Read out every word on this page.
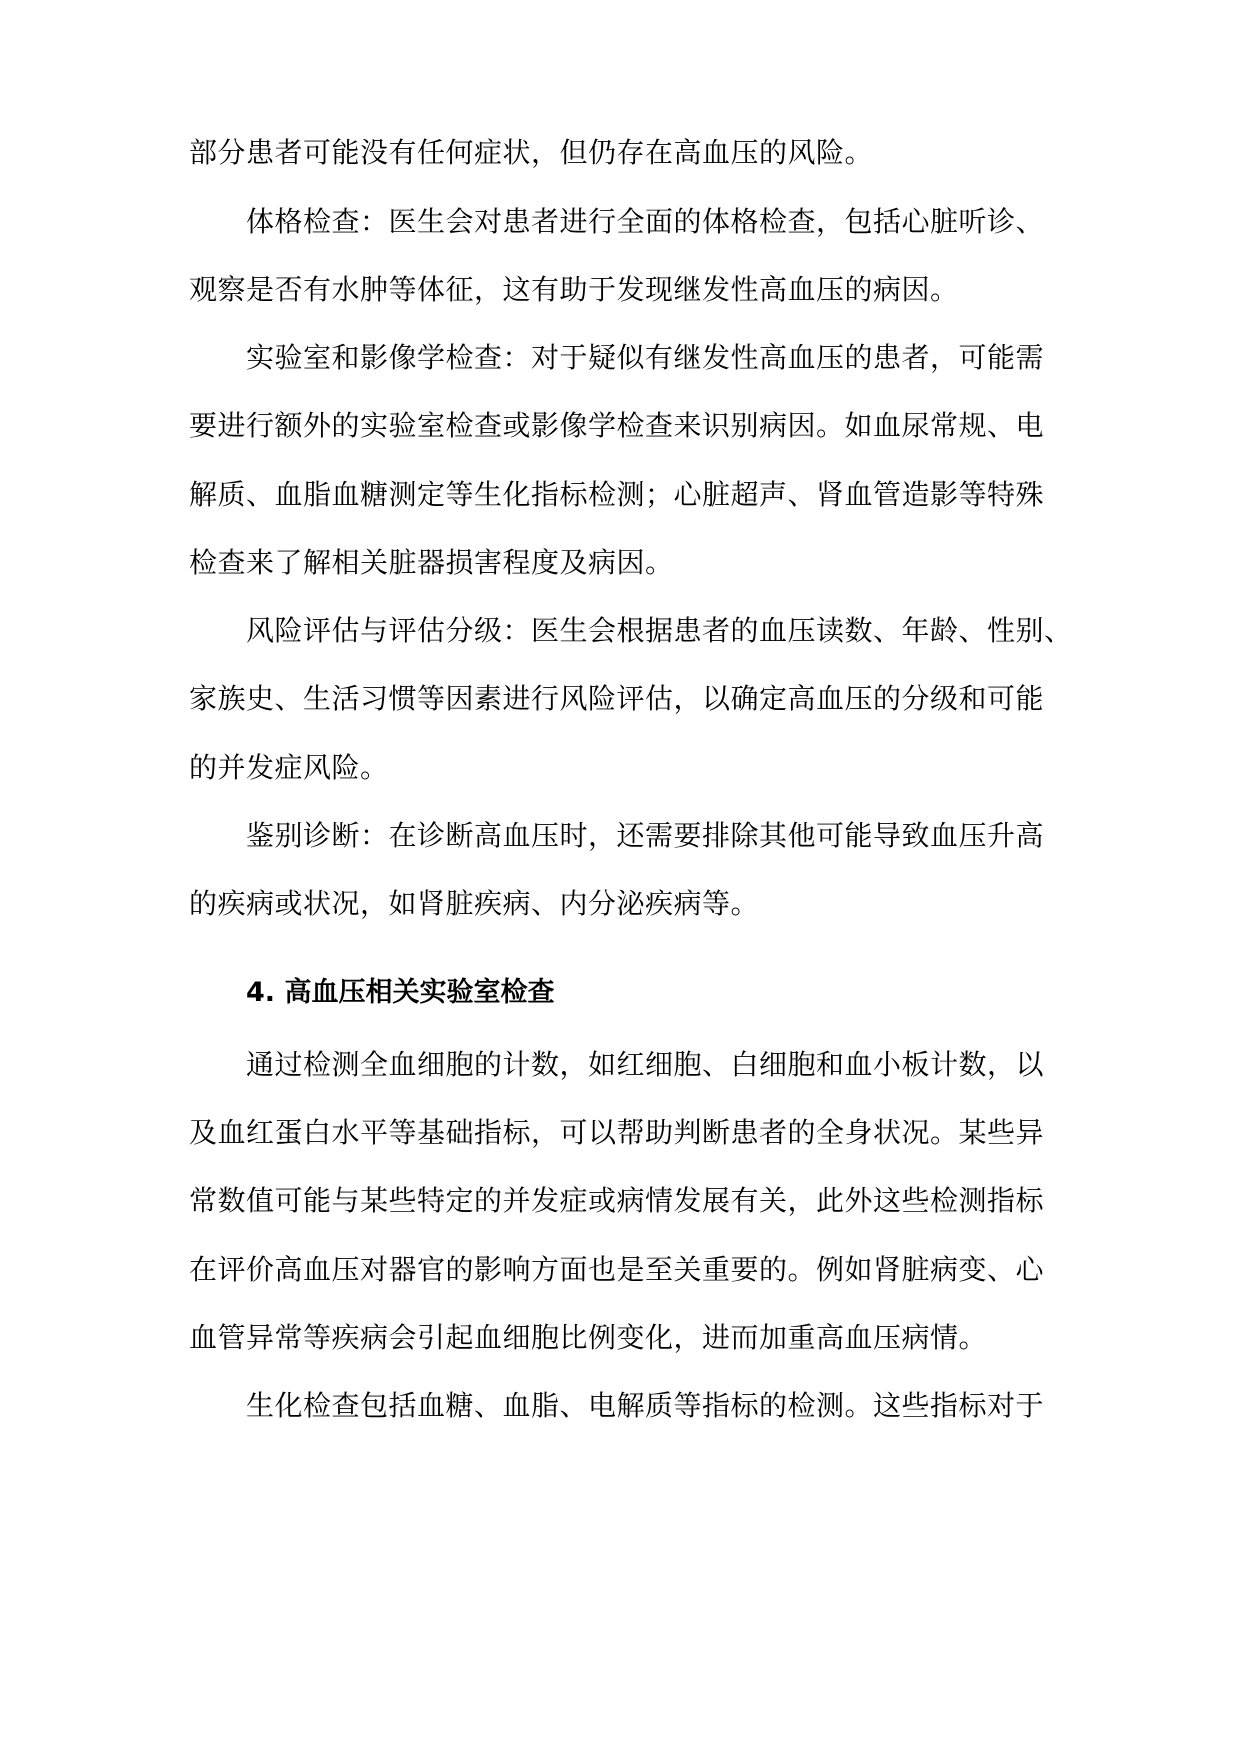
部分患者可能没有任何症状，但仍存在高血压的风险。
体格检查：医生会对患者进行全面的体格检查，包括心脏听诊、
观察是否有水肿等体征，这有助于发现继发性高血压的病因。
实验室和影像学检查：对于疑似有继发性高血压的患者，可能需
要进行额外的实验室检查或影像学检查来识别病因。如血尿常规、电
解质、血脂血糖测定等生化指标检测；心脏超声、肾血管造影等特殊
检查来了解相关脏器损害程度及病因。
风险评估与评估分级：医生会根据患者的血压读数、年龄、性别、
家族史、生活习惯等因素进行风险评估，以确定高血压的分级和可能
的并发症风险。
鉴别诊断：在诊断高血压时，还需要排除其他可能导致血压升高
的疾病或状况，如肾脏疾病、内分泌疾病等。
4. 高血压相关实验室检查
通过检测全血细胞的计数，如红细胞、白细胞和血小板计数，以
及血红蛋白水平等基础指标，可以帮助判断患者的全身状况。某些异
常数值可能与某些特定的并发症或病情发展有关，此外这些检测指标
在评价高血压对器官的影响方面也是至关重要的。例如肾脏病变、心
血管异常等疾病会引起血细胞比例变化，进而加重高血压病情。
生化检查包括血糖、血脂、电解质等指标的检测。这些指标对于
